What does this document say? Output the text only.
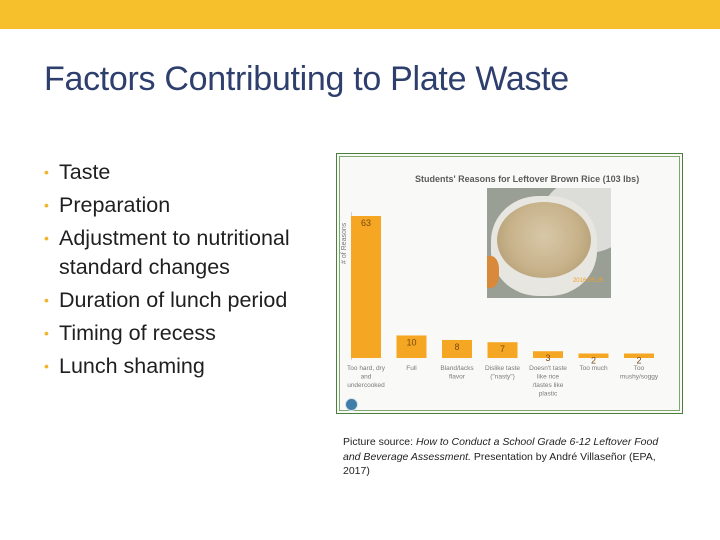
Factors Contributing to Plate Waste
• Taste
• Preparation
• Adjustment to nutritional standard changes
• Duration of lunch period
• Timing of recess
• Lunch shaming
Students' Reasons for Leftover Brown Rice (103 lbs)
# of Reasons
2016 05 25
63
Too hard, dry and undercooked
10
Full
8
Bland/lacks flavor
7
Dislike taste ("nasty")
3
Doesn't taste like rice /tastes like plastic
2
Too much
2
Too mushy/soggy
Picture source: How to Conduct a School Grade 6-12 Leftover Food and Beverage Assessment. Presentation by André Villaseñor (EPA, 2017)
